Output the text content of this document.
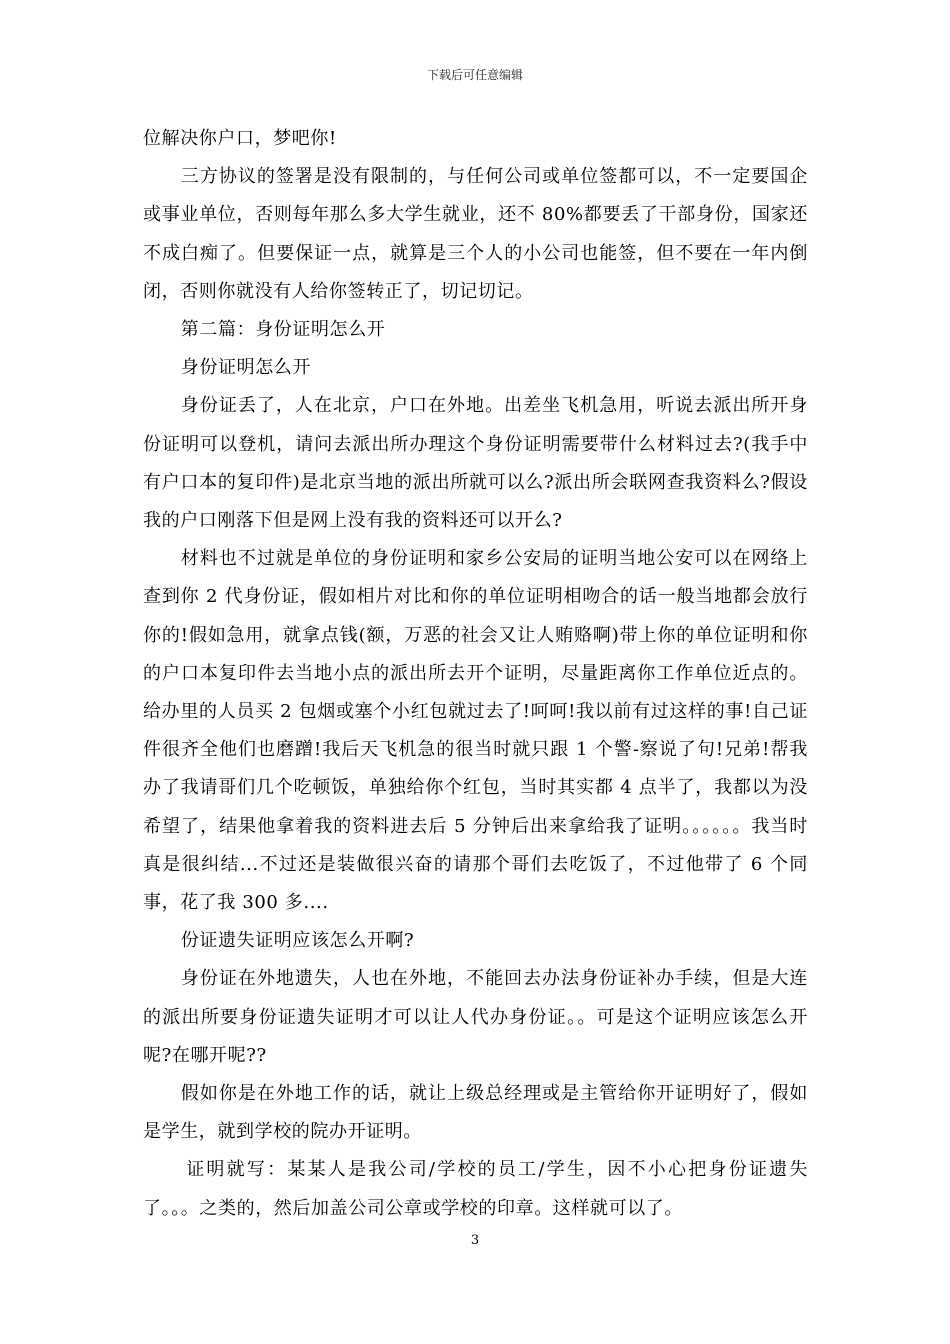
下载后可任意编辑

位解决你户口，梦吧你!

三方协议的签署是没有限制的，与任何公司或单位签都可以，不一定要国企或事业单位，否则每年那么多大学生就业，还不 80%都要丢了干部身份，国家还不成白痴了。但要保证一点，就算是三个人的小公司也能签，但不要在一年内倒闭，否则你就没有人给你签转正了，切记切记。

第二篇：身份证明怎么开

身份证明怎么开

身份证丢了，人在北京，户口在外地。出差坐飞机急用，听说去派出所开身份证明可以登机，请问去派出所办理这个身份证明需要带什么材料过去?(我手中有户口本的复印件)是北京当地的派出所就可以么?派出所会联网查我资料么?假设我的户口刚落下但是网上没有我的资料还可以开么?

材料也不过就是单位的身份证明和家乡公安局的证明当地公安可以在网络上查到你 2 代身份证，假如相片对比和你的单位证明相吻合的话一般当地都会放行你的!假如急用，就拿点钱(额，万恶的社会又让人贿赂啊)带上你的单位证明和你的户口本复印件去当地小点的派出所去开个证明，尽量距离你工作单位近点的。给办里的人员买 2 包烟或塞个小红包就过去了!呵呵!我以前有过这样的事!自己证件很齐全他们也磨蹭!我后天飞机急的很当时就只跟 1 个警-察说了句!兄弟!帮我办了我请哥们几个吃顿饭，单独给你个红包，当时其实都 4 点半了，我都以为没希望了，结果他拿着我的资料进去后 5 分钟后出来拿给我了证明。。。。。。我当时真是很纠结...不过还是装做很兴奋的请那个哥们去吃饭了，不过他带了 6 个同事，花了我 300 多....

份证遗失证明应该怎么开啊?

身份证在外地遗失，人也在外地，不能回去办法身份证补办手续，但是大连的派出所要身份证遗失证明才可以让人代办身份证。。可是这个证明应该怎么开呢?在哪开呢??

假如你是在外地工作的话，就让上级总经理或是主管给你开证明好了，假如是学生，就到学校的院办开证明。

证明就写：某某人是我公司/学校的员工/学生，因不小心把身份证遗失了。。。之类的，然后加盖公司公章或学校的印章。这样就可以了。

3
